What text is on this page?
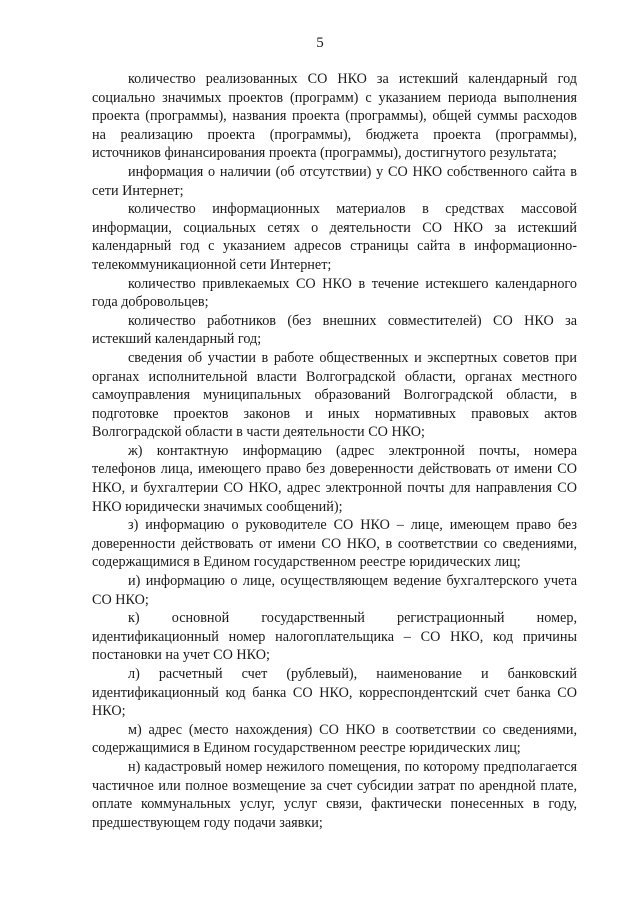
5

количество реализованных СО НКО за истекший календарный год социально значимых проектов (программ) с указанием периода выполнения проекта (программы), названия проекта (программы), общей суммы расходов на реализацию проекта (программы), бюджета проекта (программы), источников финансирования проекта (программы), достигнутого результата;

информация о наличии (об отсутствии) у СО НКО собственного сайта в сети Интернет;

количество информационных материалов в средствах массовой информации, социальных сетях о деятельности СО НКО за истекший календарный год с указанием адресов страницы сайта в информационно-телекоммуникационной сети Интернет;

количество привлекаемых СО НКО в течение истекшего календарного года добровольцев;

количество работников (без внешних совместителей) СО НКО за истекший календарный год;

сведения об участии в работе общественных и экспертных советов при органах исполнительной власти Волгоградской области, органах местного самоуправления муниципальных образований Волгоградской области, в подготовке проектов законов и иных нормативных правовых актов Волгоградской области в части деятельности СО НКО;

ж) контактную информацию (адрес электронной почты, номера телефонов лица, имеющего право без доверенности действовать от имени СО НКО, и бухгалтерии СО НКО, адрес электронной почты для направления СО НКО юридически значимых сообщений);

з) информацию о руководителе СО НКО – лице, имеющем право без доверенности действовать от имени СО НКО, в соответствии со сведениями, содержащимися в Едином государственном реестре юридических лиц;

и) информацию о лице, осуществляющем ведение бухгалтерского учета СО НКО;

к) основной государственный регистрационный номер, идентификационный номер налогоплательщика – СО НКО, код причины постановки на учет СО НКО;

л) расчетный счет (рублевый), наименование и банковский идентификационный код банка СО НКО, корреспондентский счет банка СО НКО;

м) адрес (место нахождения) СО НКО в соответствии со сведениями, содержащимися в Едином государственном реестре юридических лиц;

н) кадастровый номер нежилого помещения, по которому предполагается частичное или полное возмещение за счет субсидии затрат по арендной плате, оплате коммунальных услуг, услуг связи, фактически понесенных в году, предшествующем году подачи заявки;
